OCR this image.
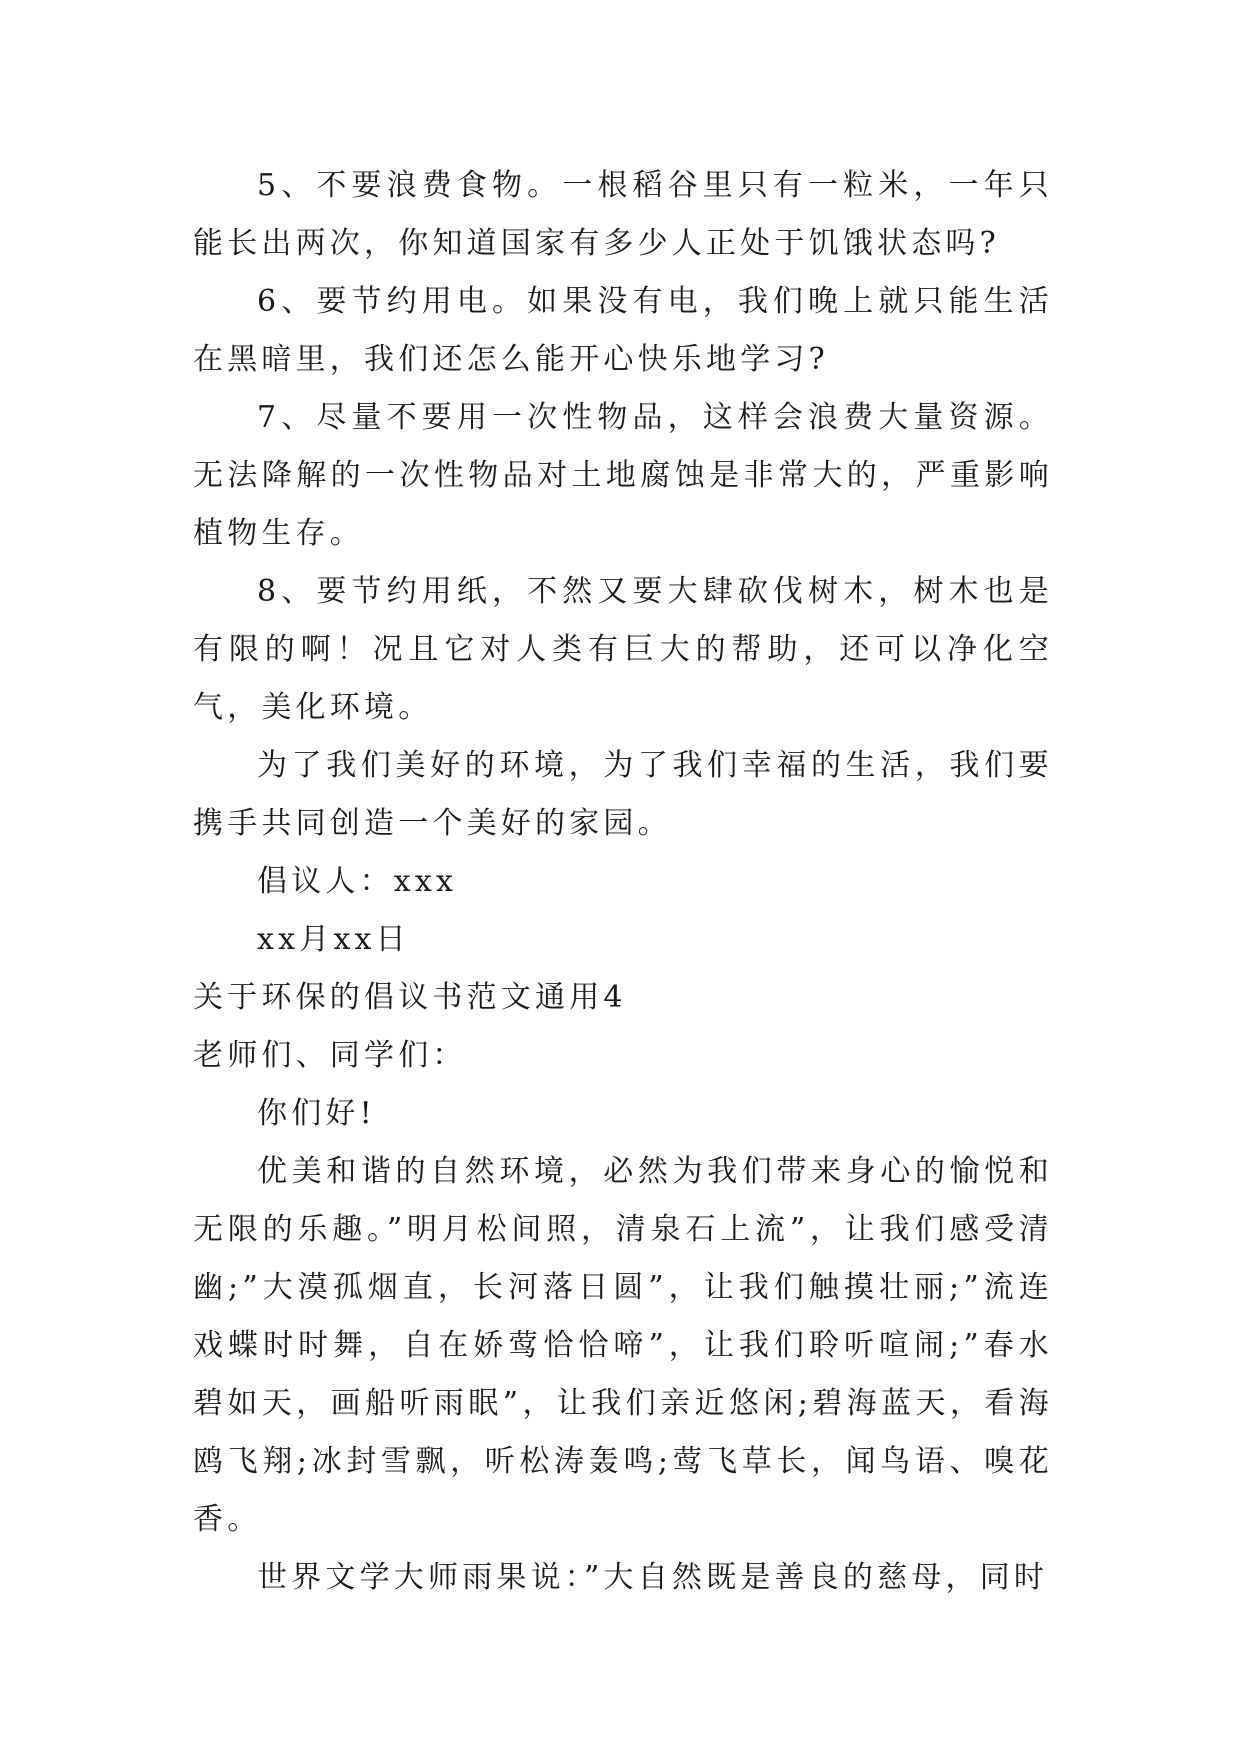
5、不要浪费食物。一根稻谷里只有一粒米，一年只能长出两次，你知道国家有多少人正处于饥饿状态吗?

6、要节约用电。如果没有电，我们晚上就只能生活在黑暗里，我们还怎么能开心快乐地学习?

7、尽量不要用一次性物品，这样会浪费大量资源。无法降解的一次性物品对土地腐蚀是非常大的，严重影响植物生存。

8、要节约用纸，不然又要大肆砍伐树木，树木也是有限的啊！况且它对人类有巨大的帮助，还可以净化空气，美化环境。

为了我们美好的环境，为了我们幸福的生活，我们要携手共同创造一个美好的家园。

倡议人：xxx

xx月xx日

关于环保的倡议书范文通用4

老师们、同学们：

你们好!

优美和谐的自然环境，必然为我们带来身心的愉悦和无限的乐趣。”明月松间照，清泉石上流”，让我们感受清幽;”大漠孤烟直，长河落日圆”，让我们触摸壮丽;”流连戏蝶时时舞，自在娇莺恰恰啼”，让我们聆听喧闹;”春水碧如天，画船听雨眠”，让我们亲近悠闲;碧海蓝天，看海鸥飞翔;冰封雪飘，听松涛轰鸣;莺飞草长，闻鸟语、嗅花香。

世界文学大师雨果说：”大自然既是善良的慈母，同时
